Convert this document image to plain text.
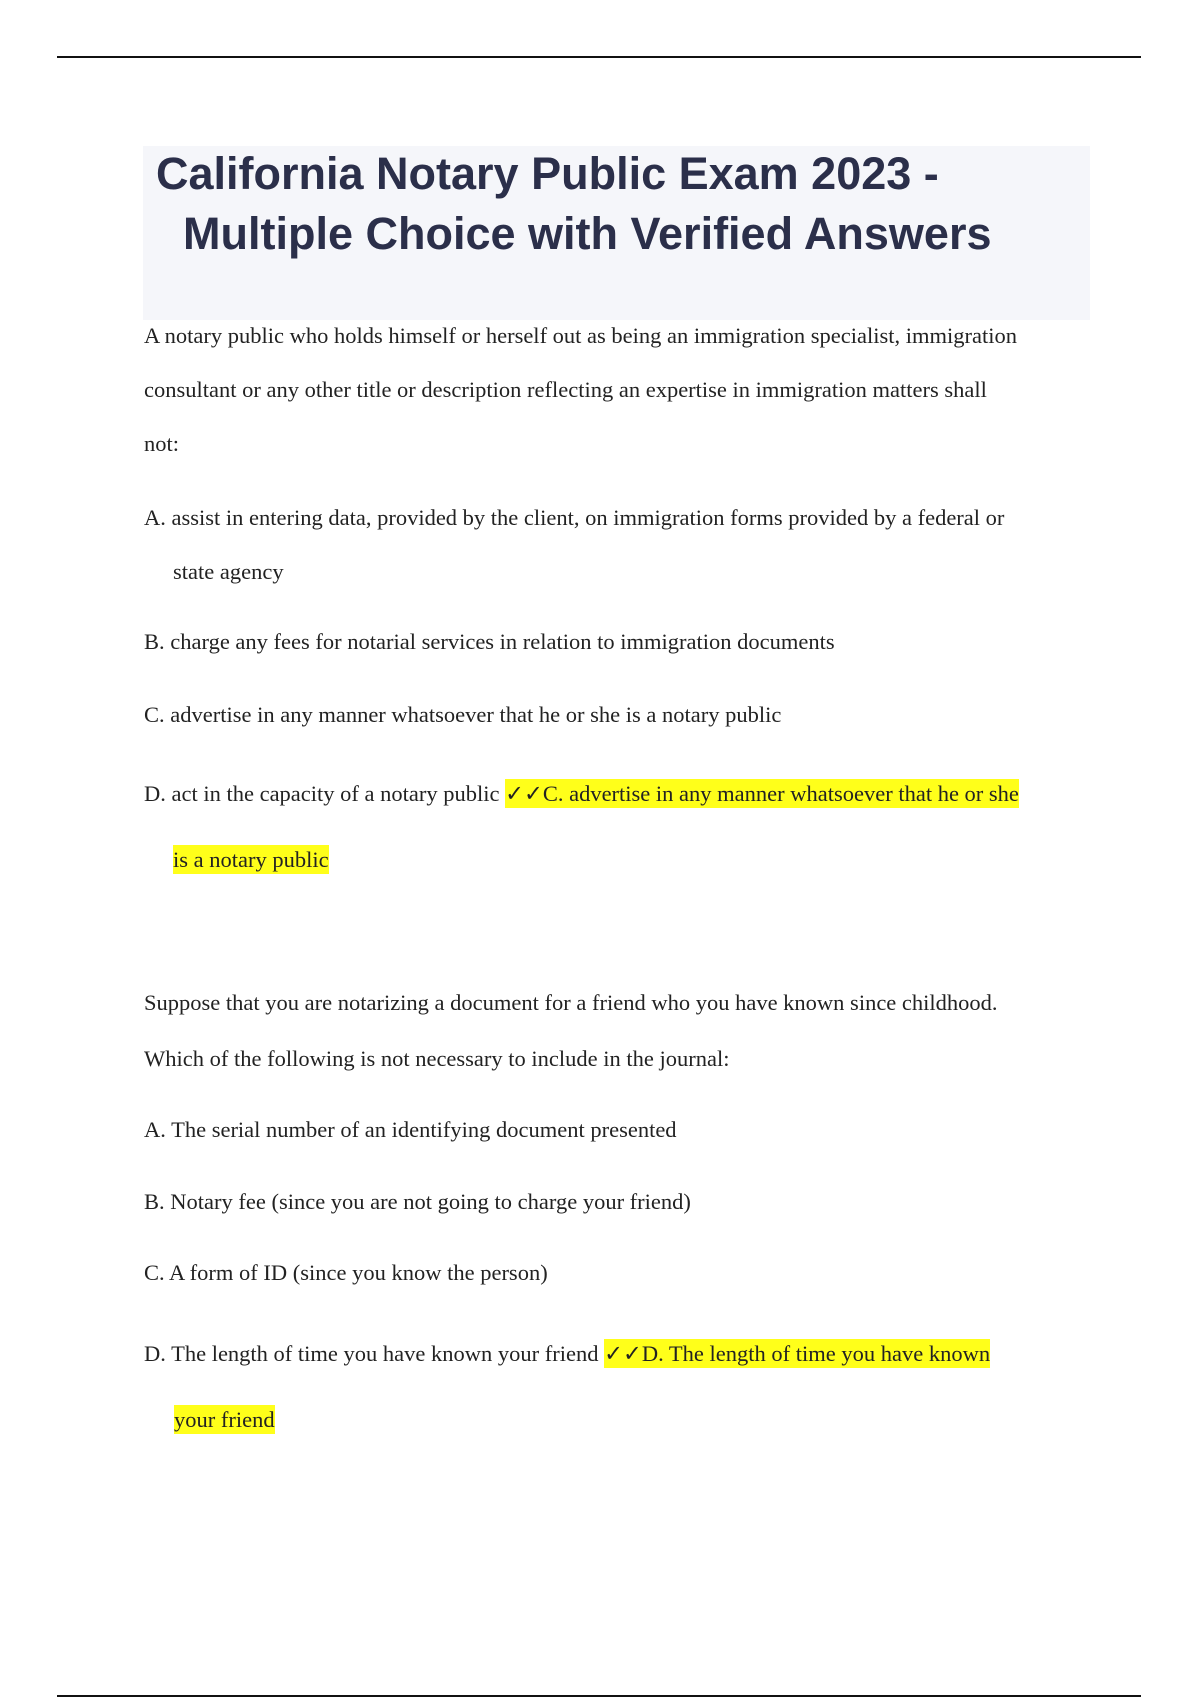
California Notary Public Exam 2023 -
Multiple Choice with Verified Answers
A notary public who holds himself or herself out as being an immigration specialist, immigration
consultant or any other title or description reflecting an expertise in immigration matters shall
not:
A. assist in entering data, provided by the client, on immigration forms provided by a federal or
state agency
B. charge any fees for notarial services in relation to immigration documents
C. advertise in any manner whatsoever that he or she is a notary public
D. act in the capacity of a notary public ✓✓C. advertise in any manner whatsoever that he or she
is a notary public
Suppose that you are notarizing a document for a friend who you have known since childhood.
Which of the following is not necessary to include in the journal:
A. The serial number of an identifying document presented
B. Notary fee (since you are not going to charge your friend)
C. A form of ID (since you know the person)
D. The length of time you have known your friend ✓✓D. The length of time you have known
your friend
